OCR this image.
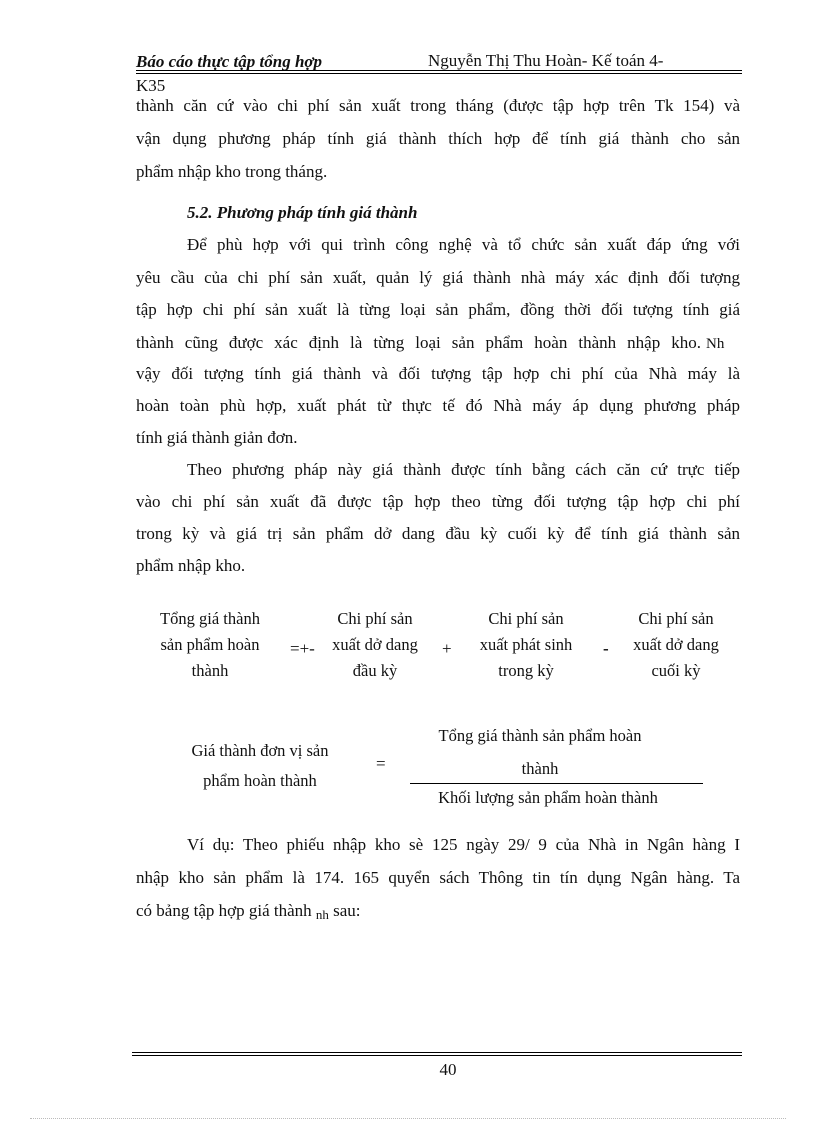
Báo cáo thực tập tổng hợp	Nguyễn Thị Thu Hoàn- Kế toán 4-
K35
thành căn cứ vào chi phí sản xuất trong tháng (được tập hợp trên Tk 154) và
vận dụng phương pháp tính giá thành thích hợp để tính giá thành cho sản
phẩm nhập kho trong tháng.
5.2. Phương pháp tính giá thành
Để phù hợp với qui trình công nghệ và tổ chức sản xuất đáp ứng với
yêu cầu của chi phí sản xuất, quản lý giá thành nhà máy xác định đối tượng
tập hợp chi phí sản xuất là từng loại sản phẩm, đồng thời đối tượng tính giá
thành cũng được xác định là từng loại sản phẩm hoàn thành nhập kho. Nh
vậy đối tượng tính giá thành và đối tượng tập hợp chi phí của Nhà máy là
hoàn toàn phù hợp, xuất phát từ thực tế đó Nhà máy áp dụng phương pháp
tính giá thành giản đơn.
Theo phương pháp này giá thành được tính bằng cách căn cứ trực tiếp
vào chi phí sản xuất đã được tập hợp theo từng đối tượng tập hợp chi phí
trong kỳ và giá trị sản phẩm dở dang đầu kỳ cuối kỳ để tính giá thành sản
phẩm nhập kho.
Tổng giá thành
sản phẩm hoàn
thành
=+-
Chi phí sản
xuất dở dang
đầu kỳ
+
Chi phí sản
xuất phát sinh
trong kỳ
-
Chi phí sản
xuất dở dang
cuối kỳ
Giá thành đơn vị sản
phẩm hoàn thành
=
Tổng giá thành sản phẩm hoàn
thành
Khối lượng sản phẩm hoàn thành
Ví dụ: Theo phiếu nhập kho sè 125 ngày 29/ 9 của Nhà in Ngân hàng I
nhập kho sản phẩm là 174. 165 quyển sách Thông tin tín dụng Ngân hàng. Ta
có bảng tập hợp giá thành nh sau:
40
